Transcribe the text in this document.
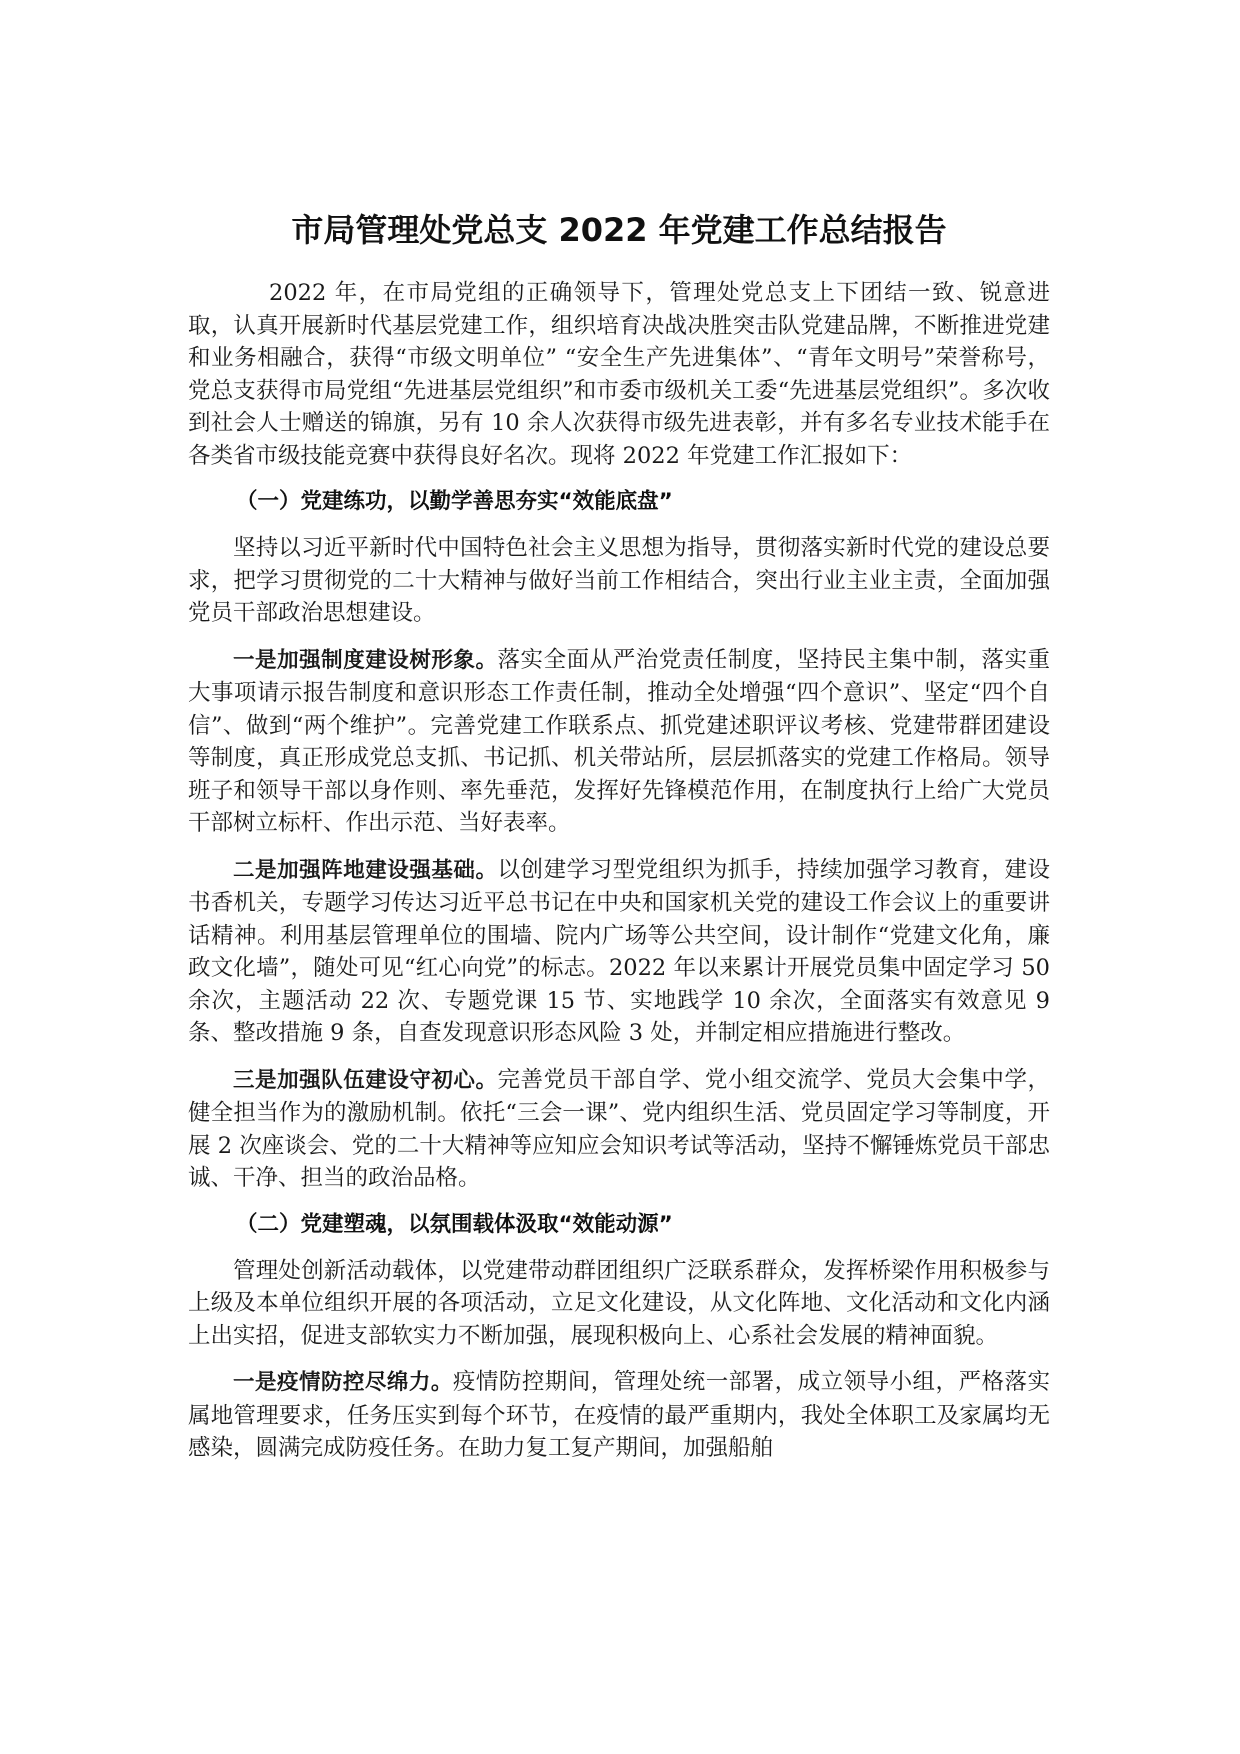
市局管理处党总支 2022 年党建工作总结报告

2022 年，在市局党组的正确领导下，管理处党总支上下团结一致、锐意进取，认真开展新时代基层党建工作，组织培育决战决胜突击队党建品牌，不断推进党建和业务相融合，获得“市级文明单位” “安全生产先进集体”、“青年文明号”荣誉称号，党总支获得市局党组“先进基层党组织”和市委市级机关工委“先进基层党组织”。多次收到社会人士赠送的锦旗，另有 10 余人次获得市级先进表彰，并有多名专业技术能手在各类省市级技能竞赛中获得良好名次。现将 2022 年党建工作汇报如下：

（一）党建练功，以勤学善思夯实“效能底盘”

坚持以习近平新时代中国特色社会主义思想为指导，贯彻落实新时代党的建设总要求，把学习贯彻党的二十大精神与做好当前工作相结合，突出行业主业主责，全面加强党员干部政治思想建设。

一是加强制度建设树形象。落实全面从严治党责任制度，坚持民主集中制，落实重大事项请示报告制度和意识形态工作责任制，推动全处增强“四个意识”、坚定“四个自信”、做到“两个维护”。完善党建工作联系点、抓党建述职评议考核、党建带群团建设等制度，真正形成党总支抓、书记抓、机关带站所，层层抓落实的党建工作格局。领导班子和领导干部以身作则、率先垂范，发挥好先锋模范作用，在制度执行上给广大党员干部树立标杆、作出示范、当好表率。

二是加强阵地建设强基础。以创建学习型党组织为抓手，持续加强学习教育，建设书香机关，专题学习传达习近平总书记在中央和国家机关党的建设工作会议上的重要讲话精神。利用基层管理单位的围墙、院内广场等公共空间，设计制作“党建文化角，廉政文化墙”，随处可见“红心向党”的标志。2022 年以来累计开展党员集中固定学习 50 余次，主题活动 22 次、专题党课 15 节、实地践学 10 余次，全面落实有效意见 9 条、整改措施 9 条，自查发现意识形态风险 3 处，并制定相应措施进行整改。

三是加强队伍建设守初心。完善党员干部自学、党小组交流学、党员大会集中学，健全担当作为的激励机制。依托“三会一课”、党内组织生活、党员固定学习等制度，开展 2 次座谈会、党的二十大精神等应知应会知识考试等活动，坚持不懈锤炼党员干部忠诚、干净、担当的政治品格。

（二）党建塑魂，以氛围载体汲取“效能动源”

管理处创新活动载体，以党建带动群团组织广泛联系群众，发挥桥梁作用积极参与上级及本单位组织开展的各项活动，立足文化建设，从文化阵地、文化活动和文化内涵上出实招，促进支部软实力不断加强，展现积极向上、心系社会发展的精神面貌。

一是疫情防控尽绵力。疫情防控期间，管理处统一部署，成立领导小组，严格落实属地管理要求，任务压实到每个环节，在疫情的最严重期内，我处全体职工及家属均无感染，圆满完成防疫任务。在助力复工复产期间，加强船舶
